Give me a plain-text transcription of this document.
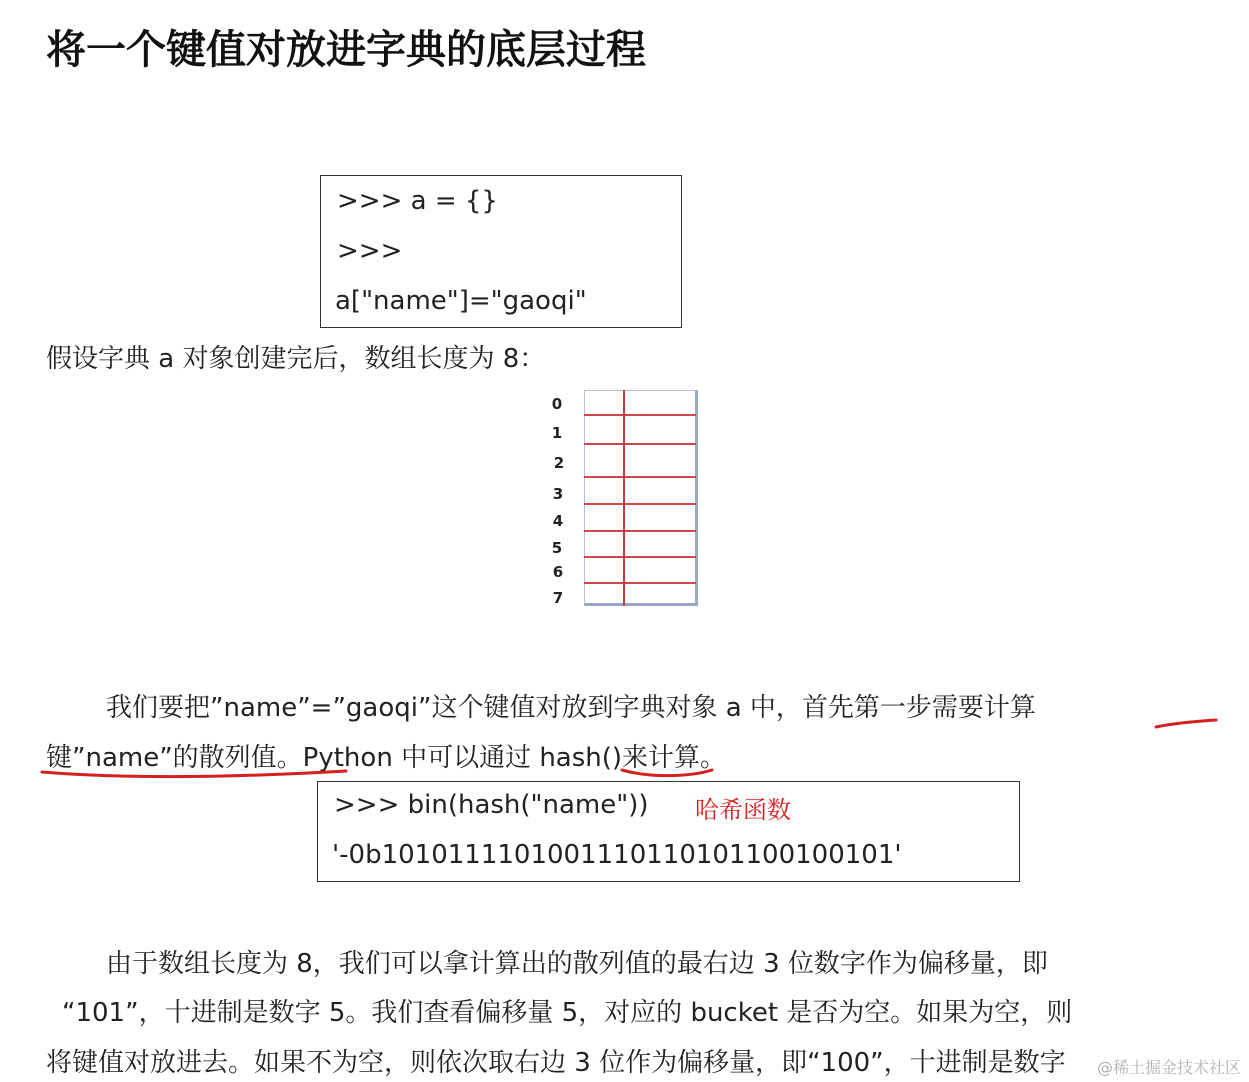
将一个键值对放进字典的底层过程
>>> a = {}
>>>
a["name"]="gaoqi"
假设字典 a 对象创建完后，数组长度为 8：
0
1
2
3
4
5
6
7
我们要把”name”=”gaoqi”这个键值对放到字典对象 a 中，首先第一步需要计算
键”name”的散列值。Python 中可以通过 hash()来计算。
>>> bin(hash("name"))
'-0b1010111101001110110101100100101'
哈希函数
由于数组长度为 8，我们可以拿计算出的散列值的最右边 3 位数字作为偏移量，即
“101”，十进制是数字 5。我们查看偏移量 5，对应的 bucket 是否为空。如果为空，则
将键值对放进去。如果不为空，则依次取右边 3 位作为偏移量，即“100”，十进制是数字 @稀土掘金技术社区
